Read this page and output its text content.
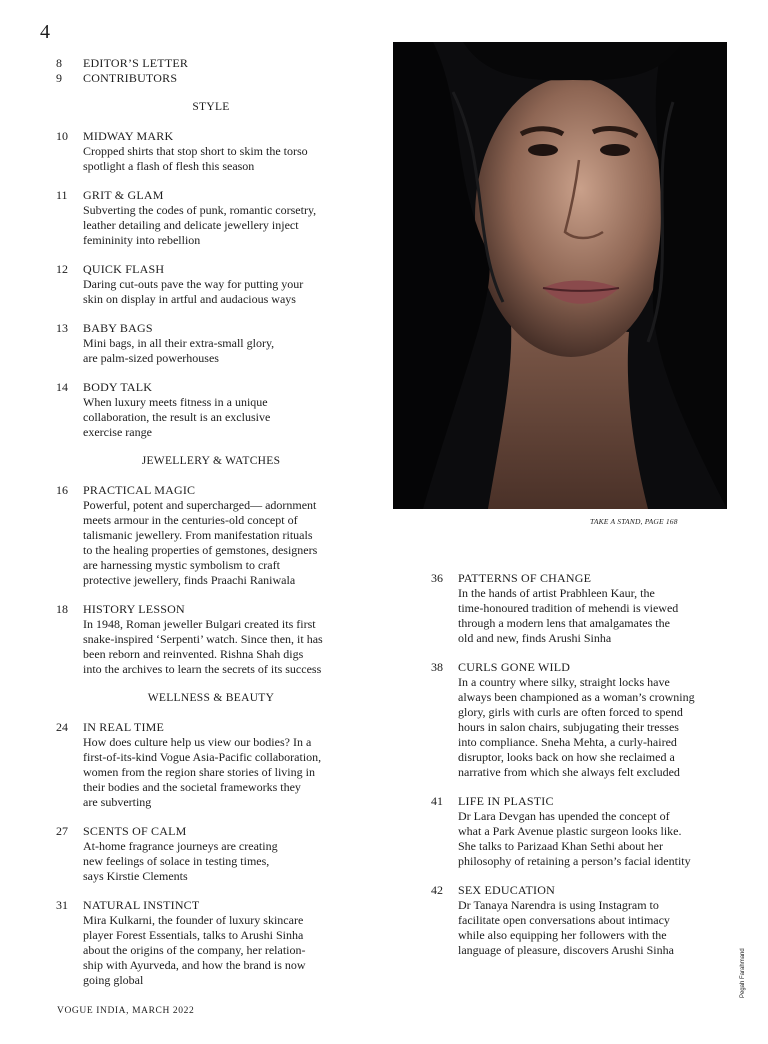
4
8	EDITOR’S LETTER
9	CONTRIBUTORS
STYLE
10	MIDWAY MARK
Cropped shirts that stop short to skim the torso
spotlight a flash of flesh this season
11	GRIT & GLAM
Subverting the codes of punk, romantic corsetry,
leather detailing and delicate jewellery inject
femininity into rebellion
12	QUICK FLASH
Daring cut-outs pave the way for putting your
skin on display in artful and audacious ways
13	BABY BAGS
Mini bags, in all their extra-small glory,
are palm-sized powerhouses
14	BODY TALK
When luxury meets fitness in a unique
collaboration, the result is an exclusive
exercise range
JEWELLERY & WATCHES
16	PRACTICAL MAGIC
Powerful, potent and supercharged— adornment
meets armour in the centuries-old concept of
talismanic jewellery. From manifestation rituals
to the healing properties of gemstones, designers
are harnessing mystic symbolism to craft
protective jewellery, finds Praachi Raniwala
18	HISTORY LESSON
In 1948, Roman jeweller Bulgari created its first
snake-inspired ‘Serpenti’ watch. Since then, it has
been reborn and reinvented. Rishna Shah digs
into the archives to learn the secrets of its success
WELLNESS & BEAUTY
24	IN REAL TIME
How does culture help us view our bodies? In a
first-of-its-kind Vogue Asia-Pacific collaboration,
women from the region share stories of living in
their bodies and the societal frameworks they
are subverting
27	SCENTS OF CALM
At-home fragrance journeys are creating
new feelings of solace in testing times,
says Kirstie Clements
31	NATURAL INSTINCT
Mira Kulkarni, the founder of luxury skincare
player Forest Essentials, talks to Arushi Sinha
about the origins of the company, her relation-
ship with Ayurveda, and how the brand is now
going global
TAKE A STAND, PAGE 168
36	PATTERNS OF CHANGE
In the hands of artist Prabhleen Kaur, the
time-honoured tradition of mehendi is viewed
through a modern lens that amalgamates the
old and new, finds Arushi Sinha
38	CURLS GONE WILD
In a country where silky, straight locks have
always been championed as a woman’s crowning
glory, girls with curls are often forced to spend
hours in salon chairs, subjugating their tresses
into compliance. Sneha Mehta, a curly-haired
disruptor, looks back on how she reclaimed a
narrative from which she always felt excluded
41	LIFE IN PLASTIC
Dr Lara Devgan has upended the concept of
what a Park Avenue plastic surgeon looks like.
She talks to Parizaad Khan Sethi about her
philosophy of retaining a person’s facial identity
42	SEX EDUCATION
Dr Tanaya Narendra is using Instagram to
facilitate open conversations about intimacy
while also equipping her followers with the
language of pleasure, discovers Arushi Sinha	Pegah Farahmand
VOGUE INDIA, MARCH 2022
